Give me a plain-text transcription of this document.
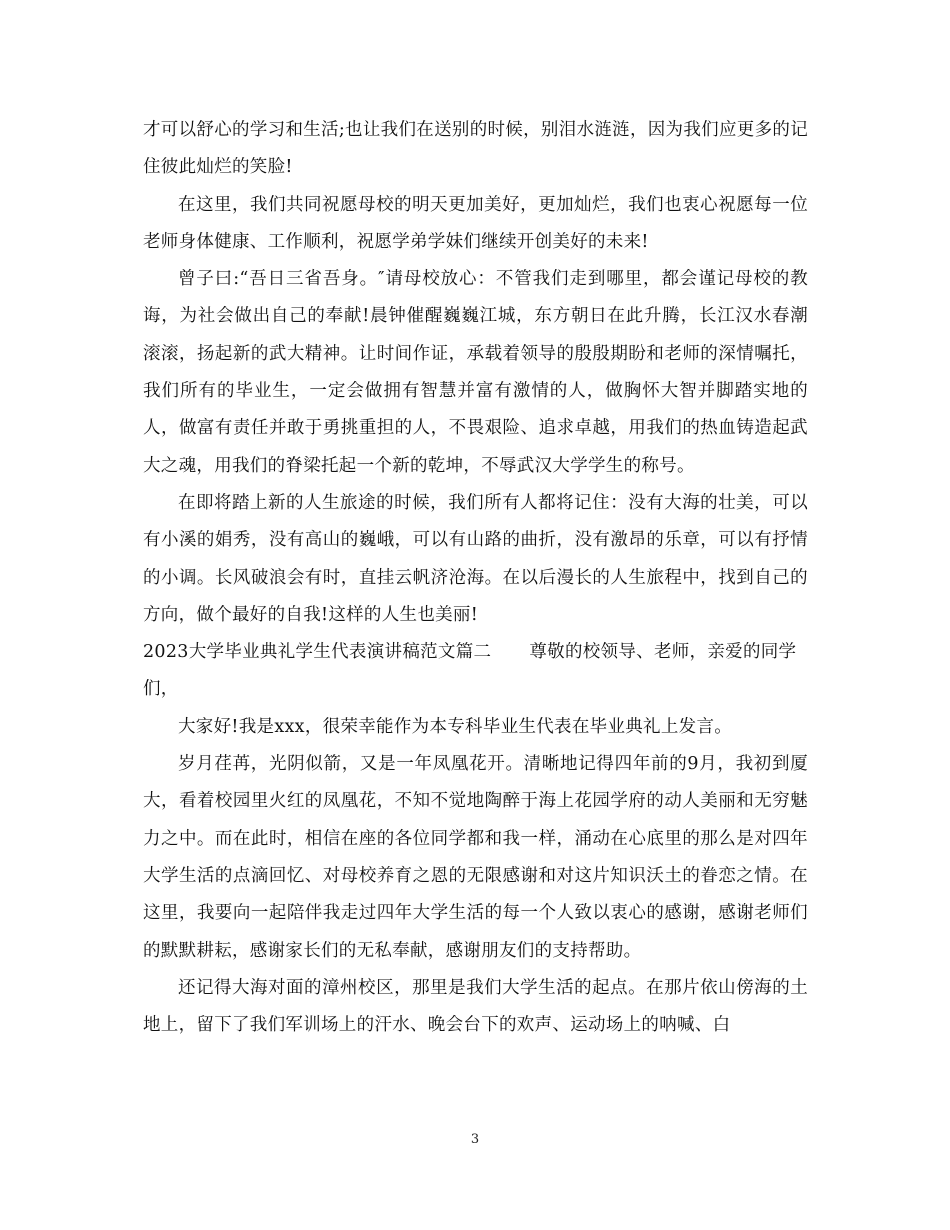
才可以舒心的学习和生活;也让我们在送别的时候，别泪水涟涟，因为我们应更多的记住彼此灿烂的笑脸!

在这里，我们共同祝愿母校的明天更加美好，更加灿烂，我们也衷心祝愿每一位老师身体健康、工作顺利，祝愿学弟学妹们继续开创美好的未来!

曾子曰:“吾日三省吾身。″请母校放心：不管我们走到哪里，都会谨记母校的教诲，为社会做出自己的奉献!晨钟催醒巍巍江城，东方朝日在此升腾，长江汉水春潮滚滚，扬起新的武大精神。让时间作证，承载着领导的殷殷期盼和老师的深情嘱托，我们所有的毕业生，一定会做拥有智慧并富有激情的人，做胸怀大智并脚踏实地的人，做富有责任并敢于勇挑重担的人，不畏艰险、追求卓越，用我们的热血铸造起武大之魂，用我们的脊梁托起一个新的乾坤，不辱武汉大学学生的称号。

在即将踏上新的人生旅途的时候，我们所有人都将记住：没有大海的壮美，可以有小溪的娟秀，没有高山的巍峨，可以有山路的曲折，没有激昂的乐章，可以有抒情的小调。长风破浪会有时，直挂云帆济沧海。在以后漫长的人生旅程中，找到自己的方向，做个最好的自我!这样的人生也美丽!

2023大学毕业典礼学生代表演讲稿范文篇二 尊敬的校领导、老师，亲爱的同学们，

大家好!我是xxx，很荣幸能作为本专科毕业生代表在毕业典礼上发言。

岁月荏苒，光阴似箭，又是一年凤凰花开。清晰地记得四年前的9月，我初到厦大，看着校园里火红的凤凰花，不知不觉地陶醉于海上花园学府的动人美丽和无穷魅力之中。而在此时，相信在座的各位同学都和我一样，涌动在心底里的那么是对四年大学生活的点滴回忆、对母校养育之恩的无限感谢和对这片知识沃土的眷恋之情。在这里，我要向一起陪伴我走过四年大学生活的每一个人致以衷心的感谢，感谢老师们的默默耕耘，感谢家长们的无私奉献，感谢朋友们的支持帮助。

还记得大海对面的漳州校区，那里是我们大学生活的起点。在那片依山傍海的土地上，留下了我们军训场上的汗水、晚会台下的欢声、运动场上的呐喊、白

3
